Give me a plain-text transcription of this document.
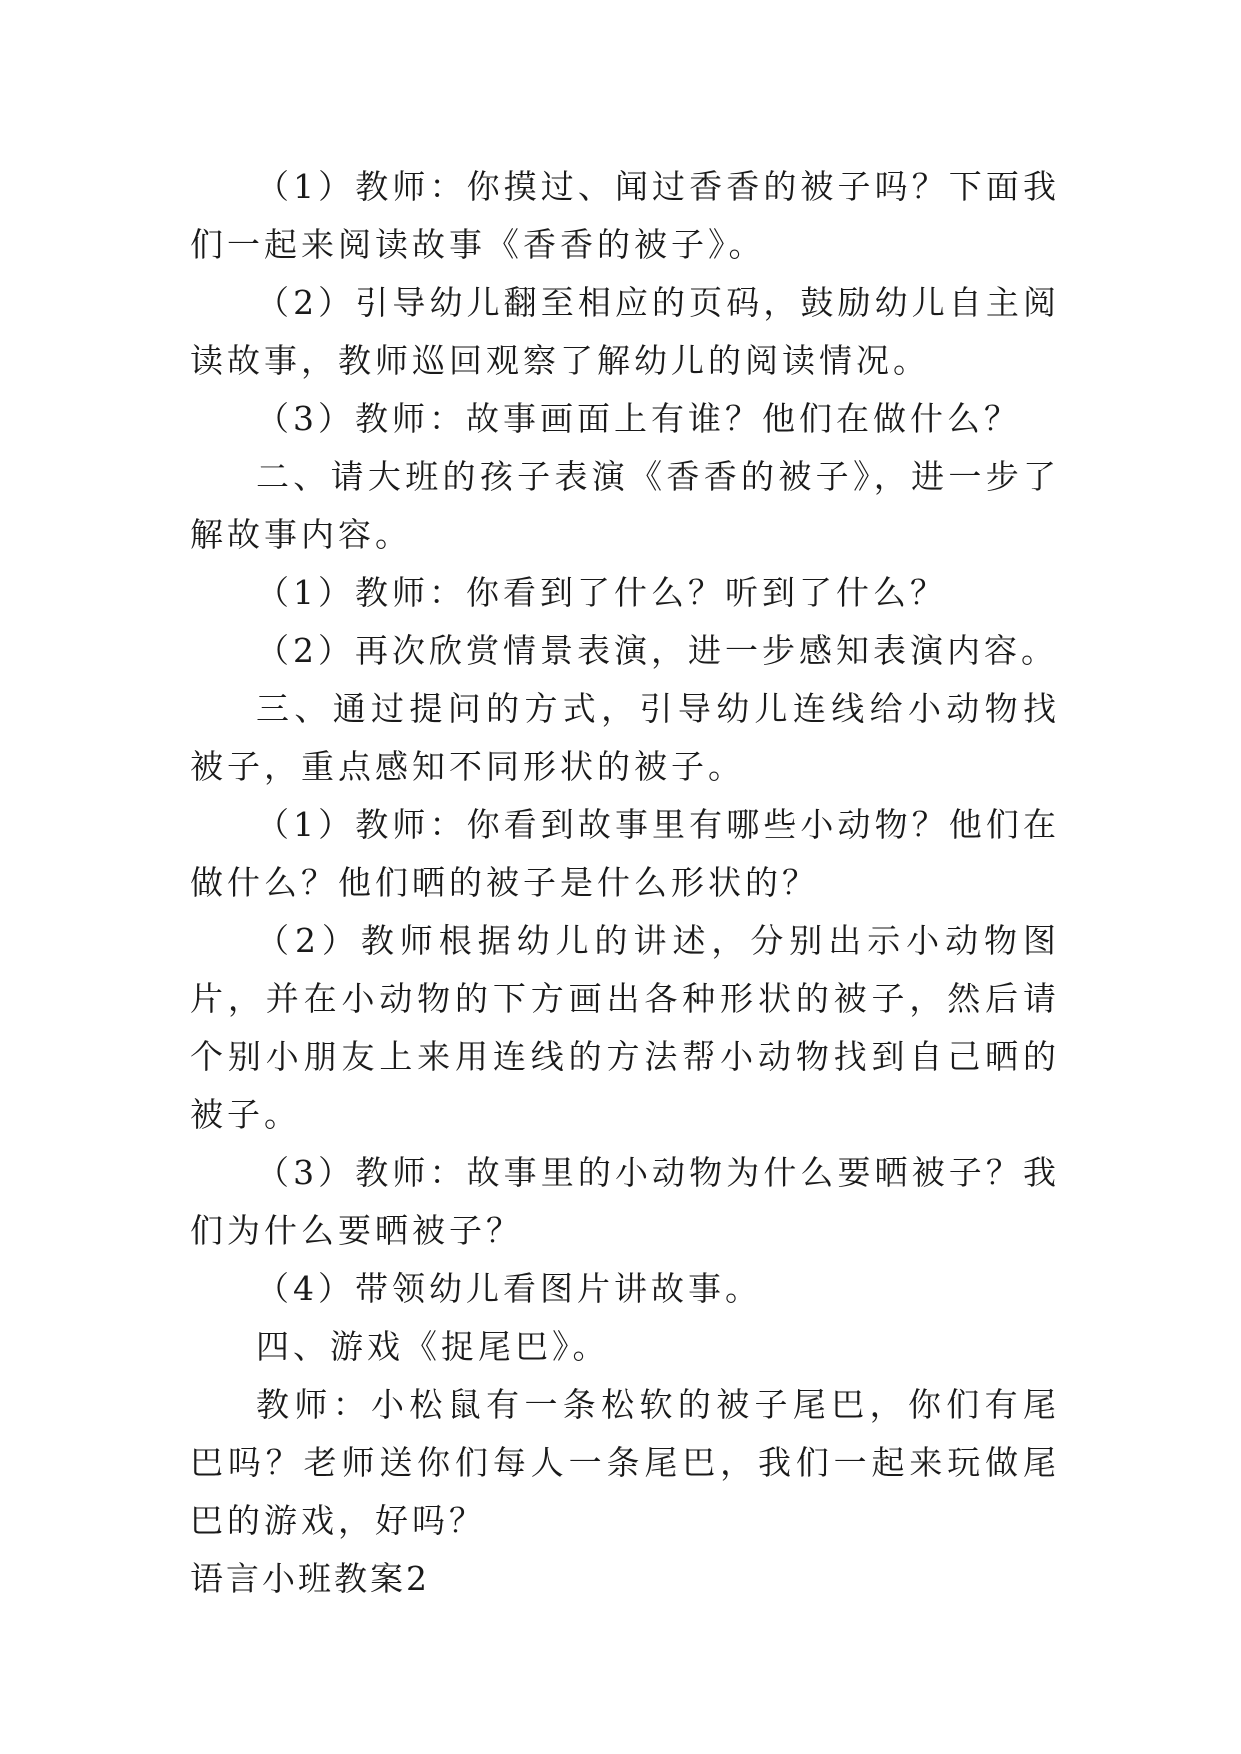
（1）教师：你摸过、闻过香香的被子吗？下面我们一起来阅读故事《香香的被子》。

（2）引导幼儿翻至相应的页码，鼓励幼儿自主阅读故事，教师巡回观察了解幼儿的阅读情况。

（3）教师：故事画面上有谁？他们在做什么？

二、请大班的孩子表演《香香的被子》，进一步了解故事内容。

（1）教师：你看到了什么？听到了什么？

（2）再次欣赏情景表演，进一步感知表演内容。

三、通过提问的方式，引导幼儿连线给小动物找被子，重点感知不同形状的被子。

（1）教师：你看到故事里有哪些小动物？他们在做什么？他们晒的被子是什么形状的？

（2）教师根据幼儿的讲述，分别出示小动物图片，并在小动物的下方画出各种形状的被子，然后请个别小朋友上来用连线的方法帮小动物找到自己晒的被子。

（3）教师：故事里的小动物为什么要晒被子？我们为什么要晒被子？

（4）带领幼儿看图片讲故事。

四、游戏《捉尾巴》。

教师：小松鼠有一条松软的被子尾巴，你们有尾巴吗？老师送你们每人一条尾巴，我们一起来玩做尾巴的游戏，好吗？

语言小班教案2
